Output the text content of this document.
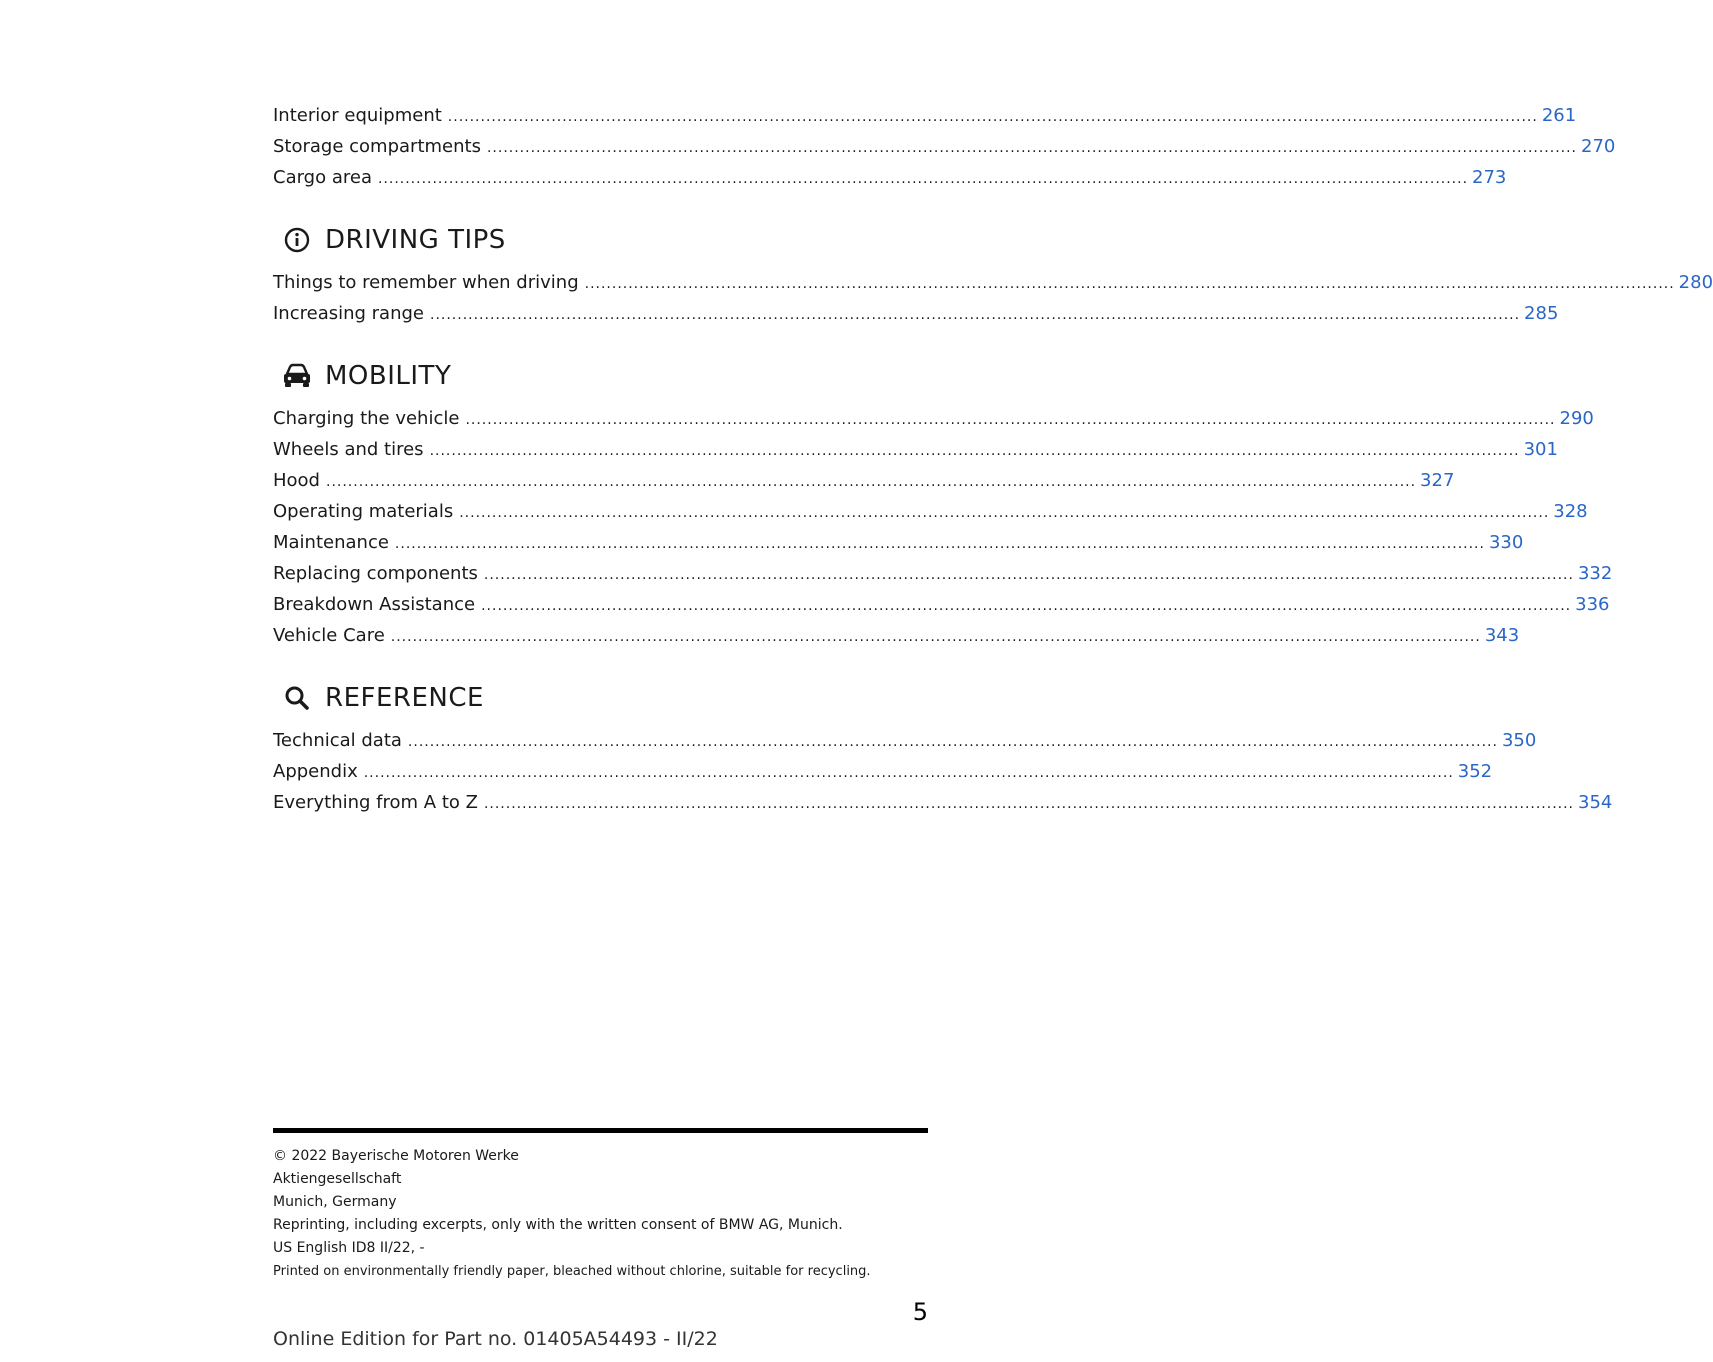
Interior equipment ........................................................................................................................................................................................................ 261
Storage compartments ........................................................................................................................................................................................................ 270
Cargo area ........................................................................................................................................................................................................ 273
DRIVING TIPS
Things to remember when driving ........................................................................................................................................................................................................ 280
Increasing range ........................................................................................................................................................................................................ 285
MOBILITY
Charging the vehicle ........................................................................................................................................................................................................ 290
Wheels and tires ........................................................................................................................................................................................................ 301
Hood ........................................................................................................................................................................................................ 327
Operating materials ........................................................................................................................................................................................................ 328
Maintenance ........................................................................................................................................................................................................ 330
Replacing components ........................................................................................................................................................................................................ 332
Breakdown Assistance ........................................................................................................................................................................................................ 336
Vehicle Care ........................................................................................................................................................................................................ 343
REFERENCE
Technical data ........................................................................................................................................................................................................ 350
Appendix ........................................................................................................................................................................................................ 352
Everything from A to Z ........................................................................................................................................................................................................ 354
© 2022 Bayerische Motoren Werke
Aktiengesellschaft
Munich, Germany
Reprinting, including excerpts, only with the written consent of BMW AG, Munich.
US English ID8 II/22, -
Printed on environmentally friendly paper, bleached without chlorine, suitable for recycling.
5
Online Edition for Part no. 01405A54493 - II/22
